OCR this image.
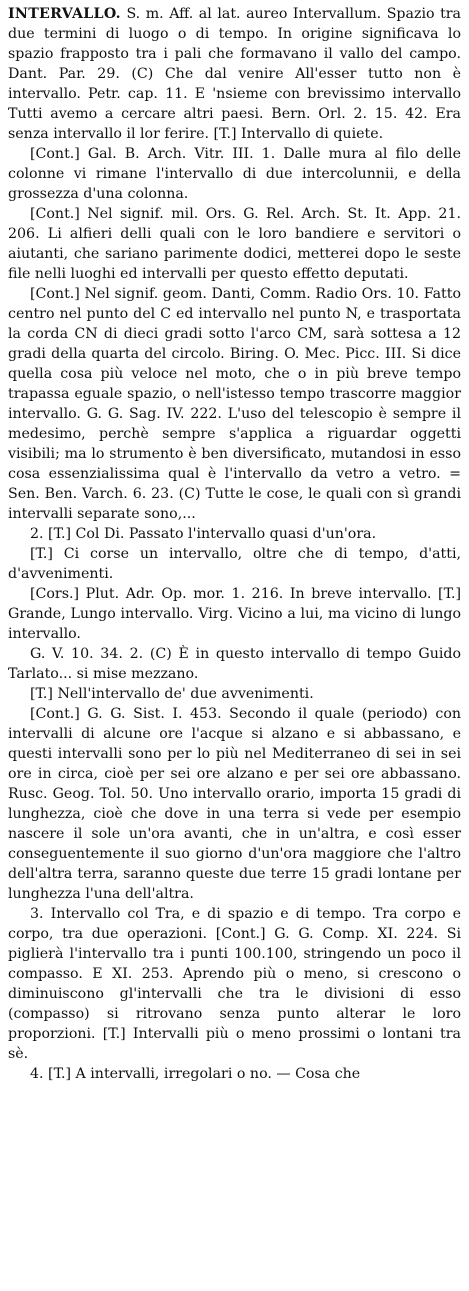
INTERVALLO. S. m. Aff. al lat. aureo Intervallum. Spazio tra due termini di luogo o di tempo. In origine significava lo spazio frapposto tra i pali che formavano il vallo del campo. Dant. Par. 29. (C) Che dal venire All'esser tutto non è intervallo. Petr. cap. 11. E 'nsieme con brevissimo intervallo Tutti avemo a cercare altri paesi. Bern. Orl. 2. 15. 42. Era senza intervallo il lor ferire. [T.] Intervallo di quiete.

[Cont.] Gal. B. Arch. Vitr. III. 1. Dalle mura al filo delle colonne vi rimane l'intervallo di due intercolunnii, e della grossezza d'una colonna.

[Cont.] Nel signif. mil. Ors. G. Rel. Arch. St. It. App. 21. 206. Li alfieri delli quali con le loro bandiere e servitori o aiutanti, che sariano parimente dodici, metterei dopo le seste file nelli luoghi ed intervalli per questo effetto deputati.

[Cont.] Nel signif. geom. Danti, Comm. Radio Ors. 10. Fatto centro nel punto del C ed intervallo nel punto N, e trasportata la corda CN di dieci gradi sotto l'arco CM, sarà sottesa a 12 gradi della quarta del circolo. Biring. O. Mec. Picc. III. Si dice quella cosa più veloce nel moto, che o in più breve tempo trapassa eguale spazio, o nell'istesso tempo trascorre maggior intervallo. G. G. Sag. IV. 222. L'uso del telescopio è sempre il medesimo, perchè sempre s'applica a riguardar oggetti visibili; ma lo strumento è ben diversificato, mutandosi in esso cosa essenzialissima qual è l'intervallo da vetro a vetro. = Sen. Ben. Varch. 6. 23. (C) Tutte le cose, le quali con sì grandi intervalli separate sono,...

2. [T.] Col Di. Passato l'intervallo quasi d'un'ora.

[T.] Ci corse un intervallo, oltre che di tempo, d'atti, d'avvenimenti.

[Cors.] Plut. Adr. Op. mor. 1. 216. In breve intervallo. [T.] Grande, Lungo intervallo. Virg. Vicino a lui, ma vicino di lungo intervallo.

G. V. 10. 34. 2. (C) È in questo intervallo di tempo Guido Tarlato... si mise mezzano.

[T.] Nell'intervallo de' due avvenimenti.

[Cont.] G. G. Sist. I. 453. Secondo il quale (periodo) con intervalli di alcune ore l'acque si alzano e si abbassano, e questi intervalli sono per lo più nel Mediterraneo di sei in sei ore in circa, cioè per sei ore alzano e per sei ore abbassano. Rusc. Geog. Tol. 50. Uno intervallo orario, importa 15 gradi di lunghezza, cioè che dove in una terra si vede per esempio nascere il sole un'ora avanti, che in un'altra, e così esser conseguentemente il suo giorno d'un'ora maggiore che l'altro dell'altra terra, saranno queste due terre 15 gradi lontane per lunghezza l'una dell'altra.

3. Intervallo col Tra, e di spazio e di tempo. Tra corpo e corpo, tra due operazioni. [Cont.] G. G. Comp. XI. 224. Si piglierà l'intervallo tra i punti 100.100, stringendo un poco il compasso. E XI. 253. Aprendo più o meno, si crescono o diminuiscono gl'intervalli che tra le divisioni di esso (compasso) si ritrovano senza punto alterar le loro proporzioni. [T.] Intervalli più o meno prossimi o lontani tra sè.

4. [T.] A intervalli, irregolari o no. — Cosa che
